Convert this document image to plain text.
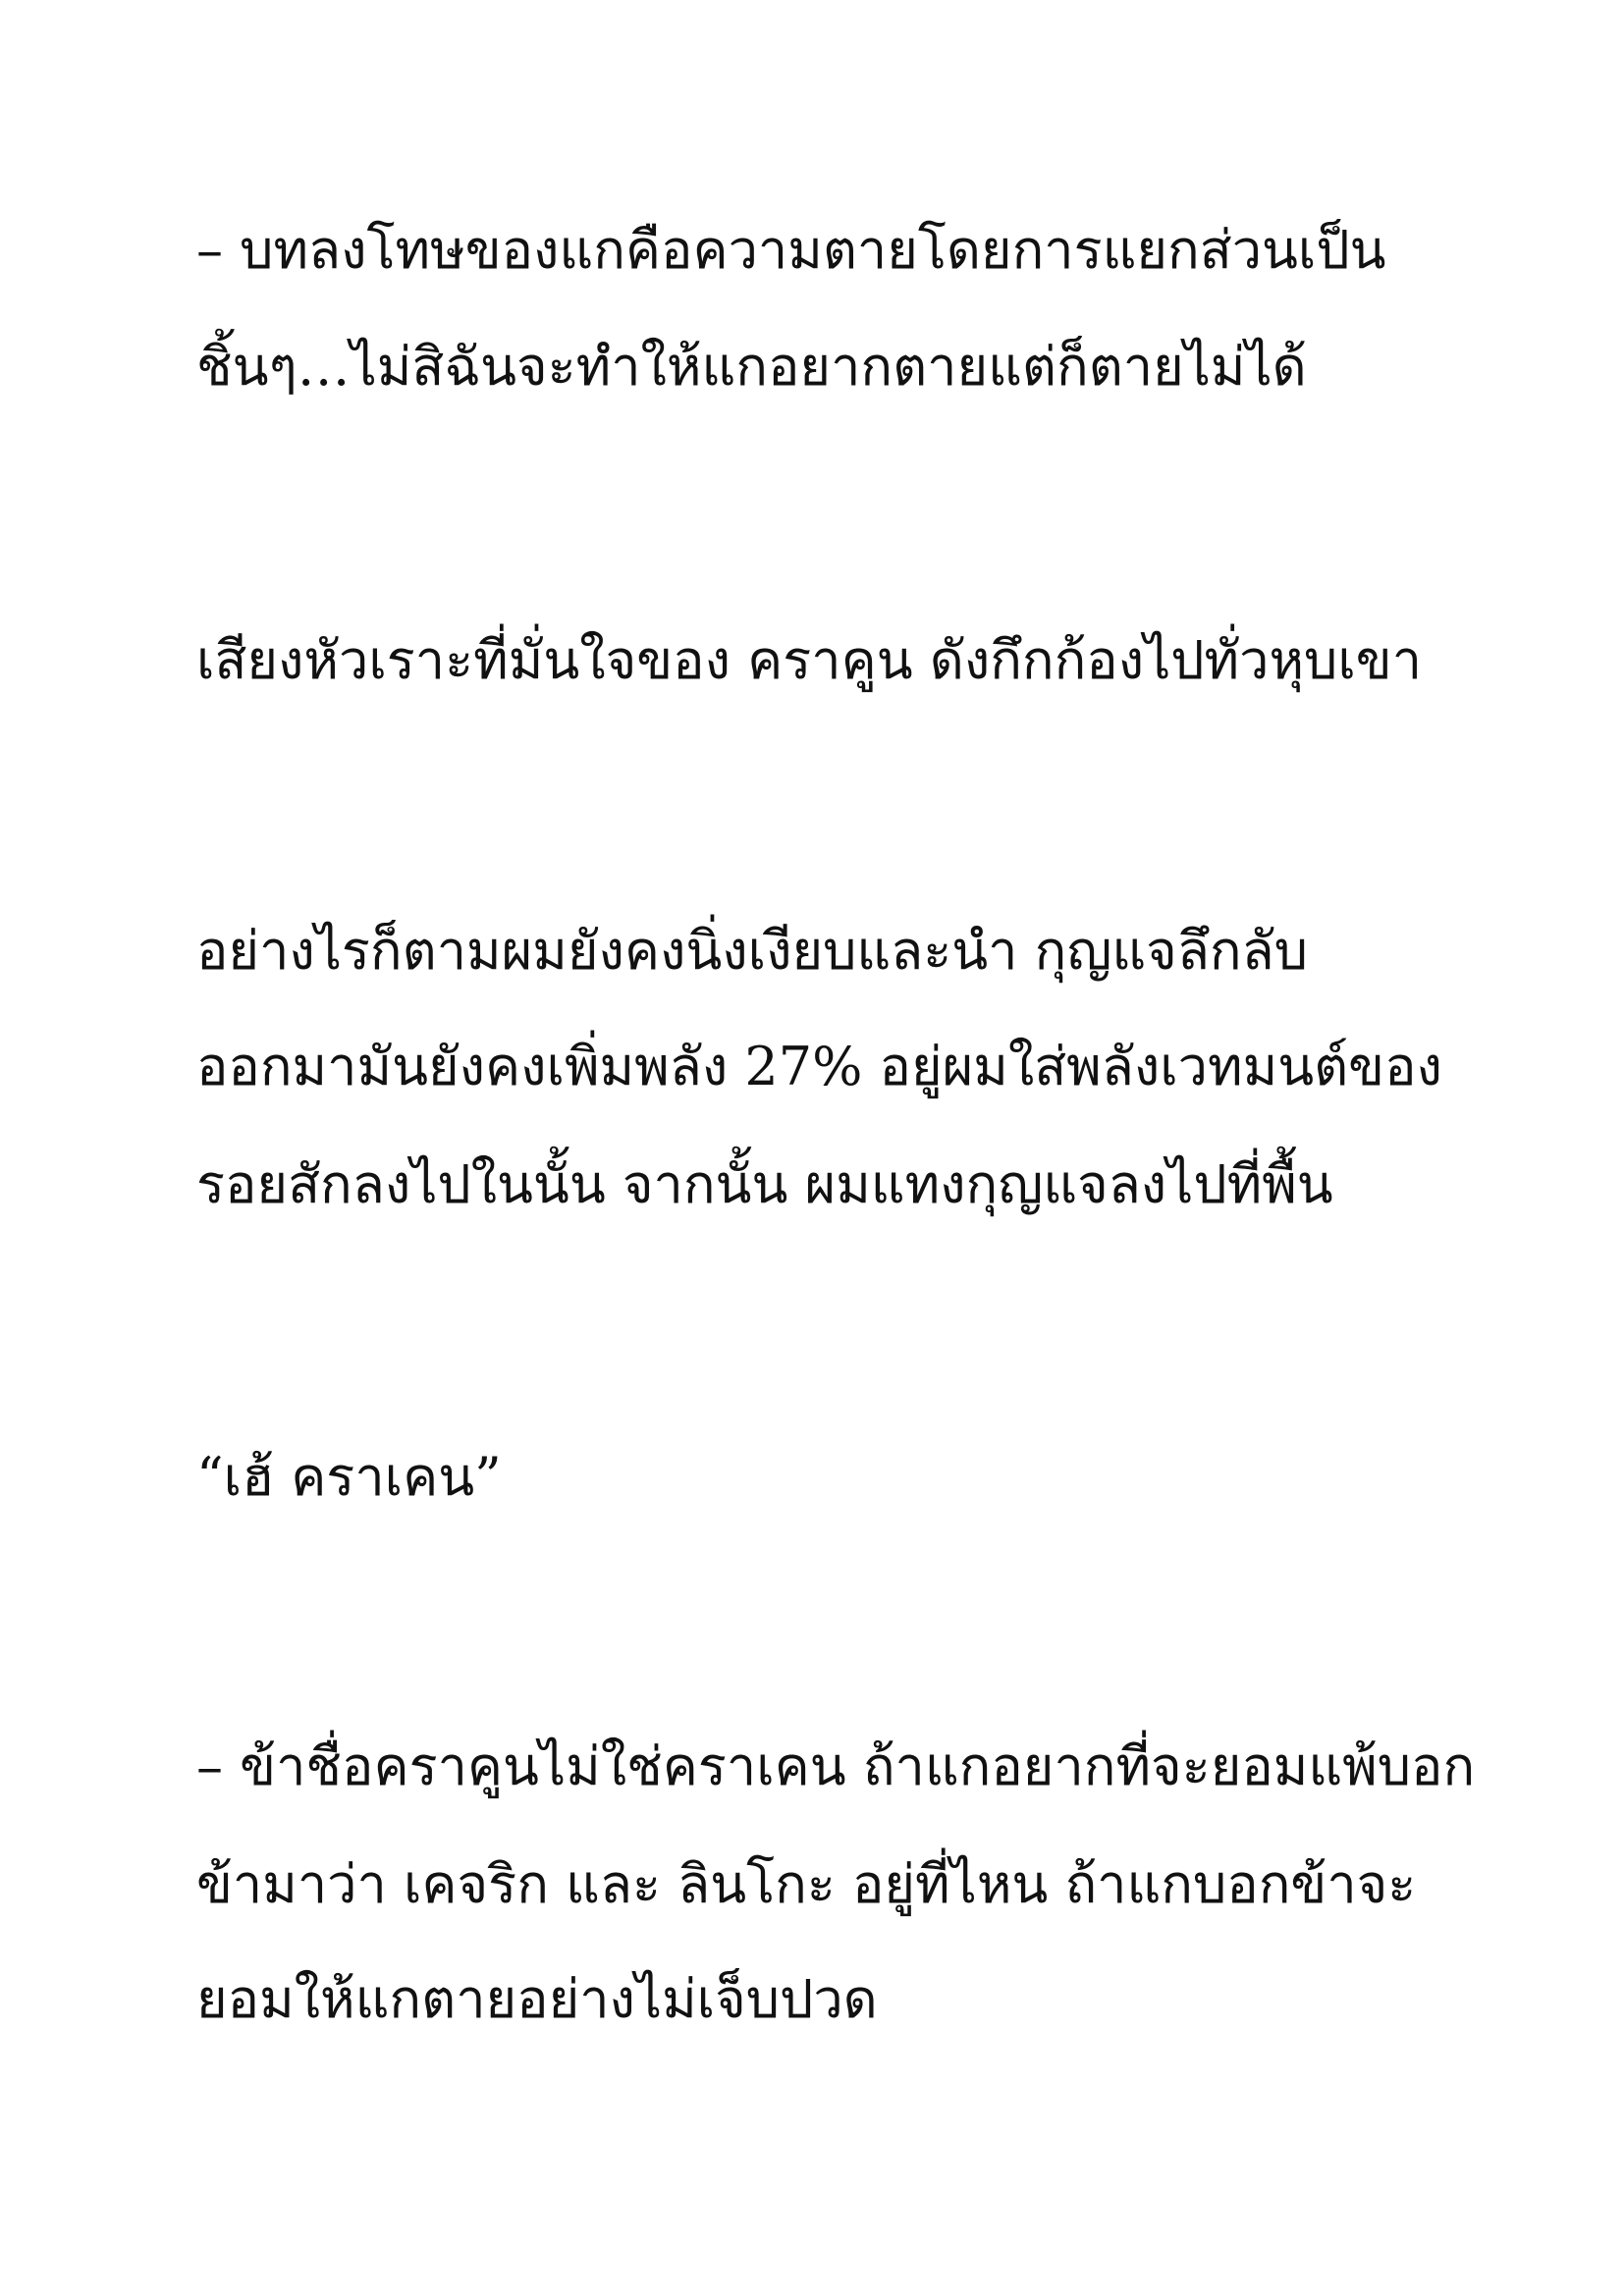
– บทลงโทษของแกคือความตายโดยการแยกส่วนเป็น

ชิ้นๆ…ไม่สิฉันจะทำให้แกอยากตายแต่ก็ตายไม่ได้

เสียงหัวเราะที่มั่นใจของ คราคูน ดังกึกก้องไปทั่วหุบเขา

อย่างไรก็ตามผมยังคงนิ่งเงียบและนำ กุญแจลึกลับ

ออกมามันยังคงเพิ่มพลัง 27% อยู่ผมใส่พลังเวทมนต์ของ

รอยสักลงไปในนั้น จากนั้น ผมแทงกุญแจลงไปที่พื้น

“เฮ้ คราเคน”

– ข้าชื่อคราคูนไม่ใช่คราเคน ถ้าแกอยากที่จะยอมแพ้บอก

ข้ามาว่า เคจริก และ ลินโกะ อยู่ที่ไหน ถ้าแกบอกข้าจะ

ยอมให้แกตายอย่างไม่เจ็บปวด
